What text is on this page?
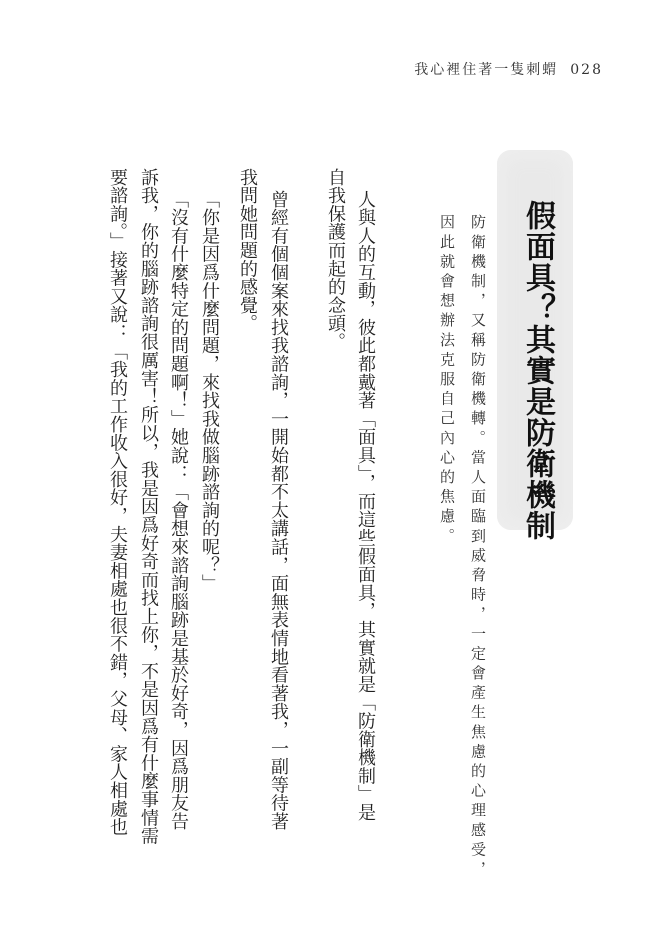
我心裡住著一隻刺蝟 028
假面具？其實是防衛機制
防衛機制，又稱防衛機轉。當人面臨到威脅時，一定會產生焦慮的心理感受，
因此就會想辦法克服自己內心的焦慮。
人與人的互動，彼此都戴著「面具」，而這些假面具，其實就是「防衛機制」是
自我保護而起的念頭。
曾經有個個案來找我諮詢，一開始都不太講話，面無表情地看著我，一副等待著
我問她問題的感覺。
「你是因爲什麼問題，來找我做腦跡諮詢的呢？」
「沒有什麼特定的問題啊！」她說：「會想來諮詢腦跡是基於好奇，因爲朋友告
訴我，你的腦跡諮詢很厲害！所以，我是因爲好奇而找上你，不是因爲有什麼事情需
要諮詢。」接著又說：「我的工作收入很好，夫妻相處也很不錯，父母、家人相處也
